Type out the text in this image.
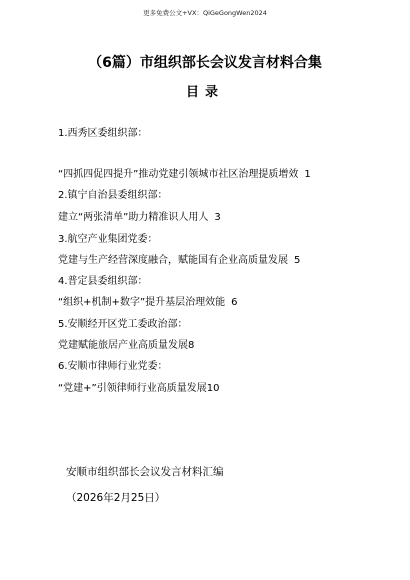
更多免费公文+VX：QiGeGongWen2024
（6篇）市组织部长会议发言材料合集
目录
1.西秀区委组织部：
“四抓四促四提升”推动党建引领城市社区治理提质增效 1
2.镇宁自治县委组织部：
建立“两张清单”助力精准识人用人 3
3.航空产业集团党委：
党建与生产经营深度融合，赋能国有企业高质量发展 5
4.普定县委组织部：
“组织+机制+数字”提升基层治理效能 6
5.安顺经开区党工委政治部：
党建赋能旅居产业高质量发展8
6.安顺市律师行业党委：
“党建+”引领律师行业高质量发展10
安顺市组织部长会议发言材料汇编
（2026年2月25日）
